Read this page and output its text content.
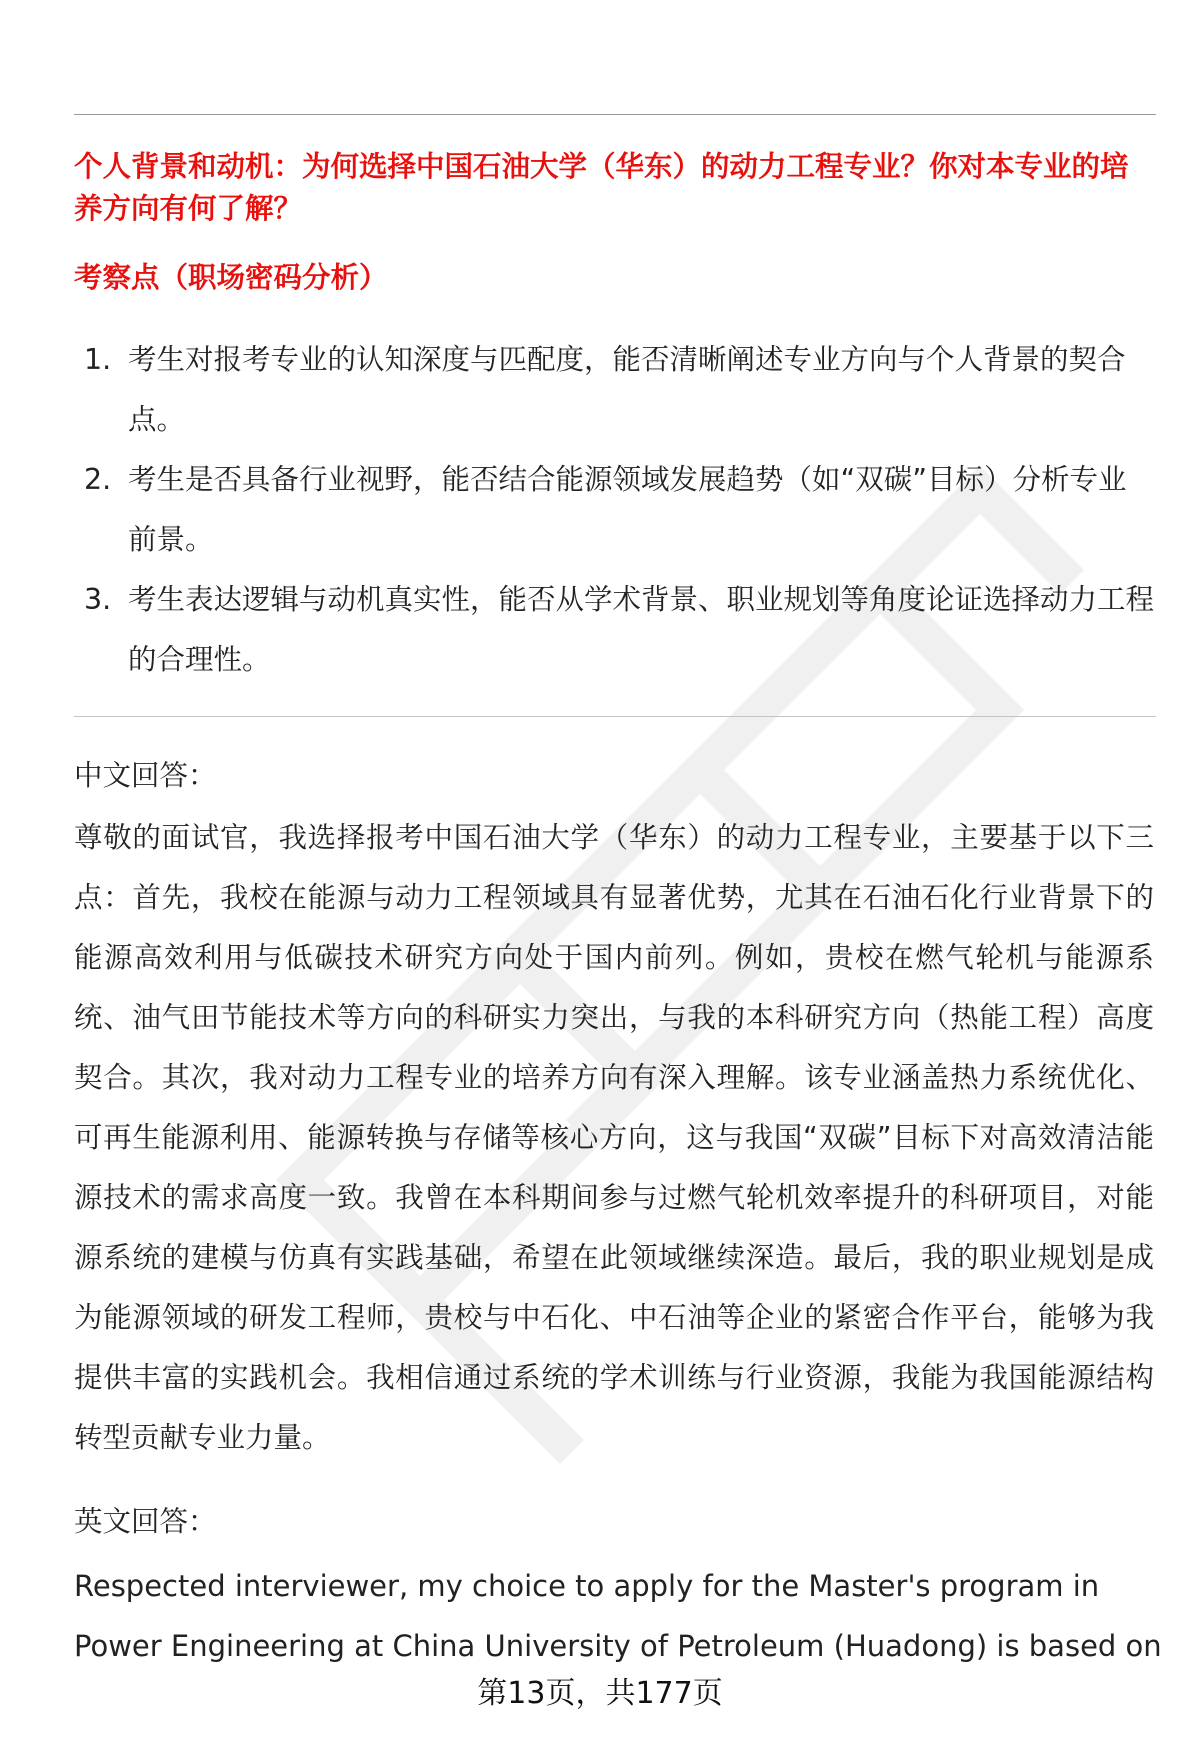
个人背景和动机：为何选择中国石油大学（华东）的动力工程专业？你对本专业的培养方向有何了解？

考察点（职场密码分析）
1. 考生对报考专业的认知深度与匹配度，能否清晰阐述专业方向与个人背景的契合点。
2. 考生是否具备行业视野，能否结合能源领域发展趋势（如“双碳”目标）分析专业前景。
3. 考生表达逻辑与动机真实性，能否从学术背景、职业规划等角度论证选择动力工程的合理性。
中文回答：

尊敬的面试官，我选择报考中国石油大学（华东）的动力工程专业，主要基于以下三点：首先，我校在能源与动力工程领域具有显著优势，尤其在石油石化行业背景下的能源高效利用与低碳技术研究方向处于国内前列。例如，贵校在燃气轮机与能源系统、油气田节能技术等方向的科研实力突出，与我的本科研究方向（热能工程）高度契合。其次，我对动力工程专业的培养方向有深入理解。该专业涵盖热力系统优化、可再生能源利用、能源转换与存储等核心方向，这与我国“双碳”目标下对高效清洁能源技术的需求高度一致。我曾在本科期间参与过燃气轮机效率提升的科研项目，对能源系统的建模与仿真有实践基础，希望在此领域继续深造。最后，我的职业规划是成为能源领域的研发工程师，贵校与中石化、中石油等企业的紧密合作平台，能够为我提供丰富的实践机会。我相信通过系统的学术训练与行业资源，我能为我国能源结构转型贡献专业力量。

英文回答：
Respected interviewer, my choice to apply for the Master's program in
Power Engineering at China University of Petroleum (Huadong) is based on
第13页，共177页
